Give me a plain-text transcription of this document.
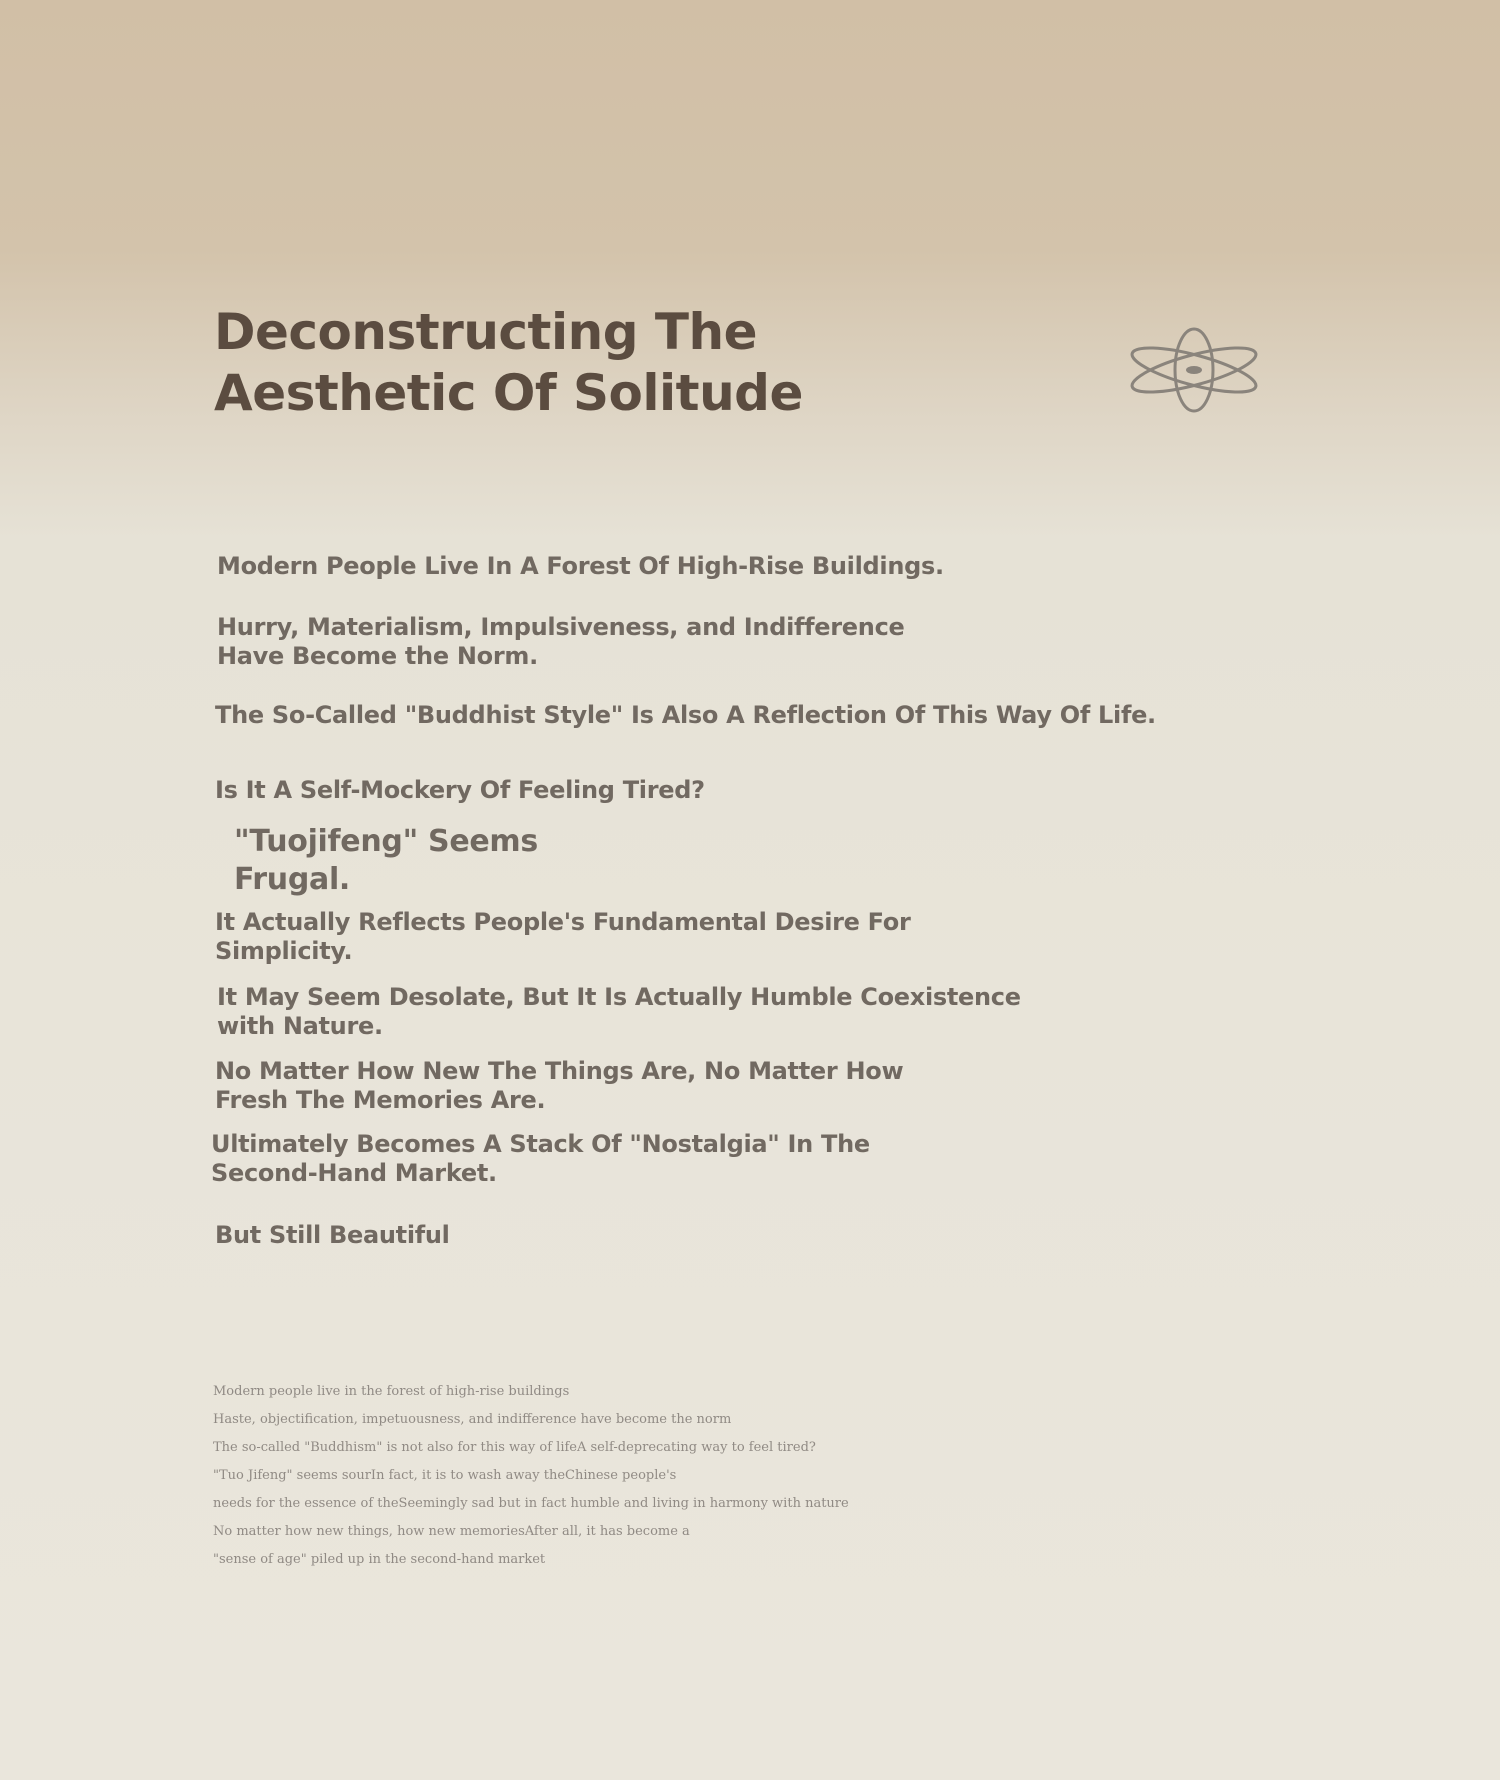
Deconstructing The
Aesthetic Of Solitude

Modern People Live In A Forest Of High-Rise Buildings.

Hurry, Materialism, Impulsiveness, and Indifference
Have Become the Norm.

The So-Called "Buddhist Style" Is Also A Reflection Of This Way Of Life.

Is It A Self-Mockery Of Feeling Tired?

"Tuojifeng" Seems
Frugal.

It Actually Reflects People's Fundamental Desire For
Simplicity.

It May Seem Desolate, But It Is Actually Humble Coexistence
with Nature.

No Matter How New The Things Are, No Matter How
Fresh The Memories Are.

Ultimately Becomes A Stack Of "Nostalgia" In The
Second-Hand Market.

But Still Beautiful

Modern people live in the forest of high-rise buildings
Haste, objectification, impetuousness, and indifference have become the norm
The so-called "Buddhism" is not also for this way of lifeA self-deprecating way to feel tired?
"Tuo Jifeng" seems sourIn fact, it is to wash away theChinese people's
needs for the essence of theSeemingly sad but in fact humble and living in harmony with nature
No matter how new things, how new memoriesAfter all, it has become a
"sense of age" piled up in the second-hand market
